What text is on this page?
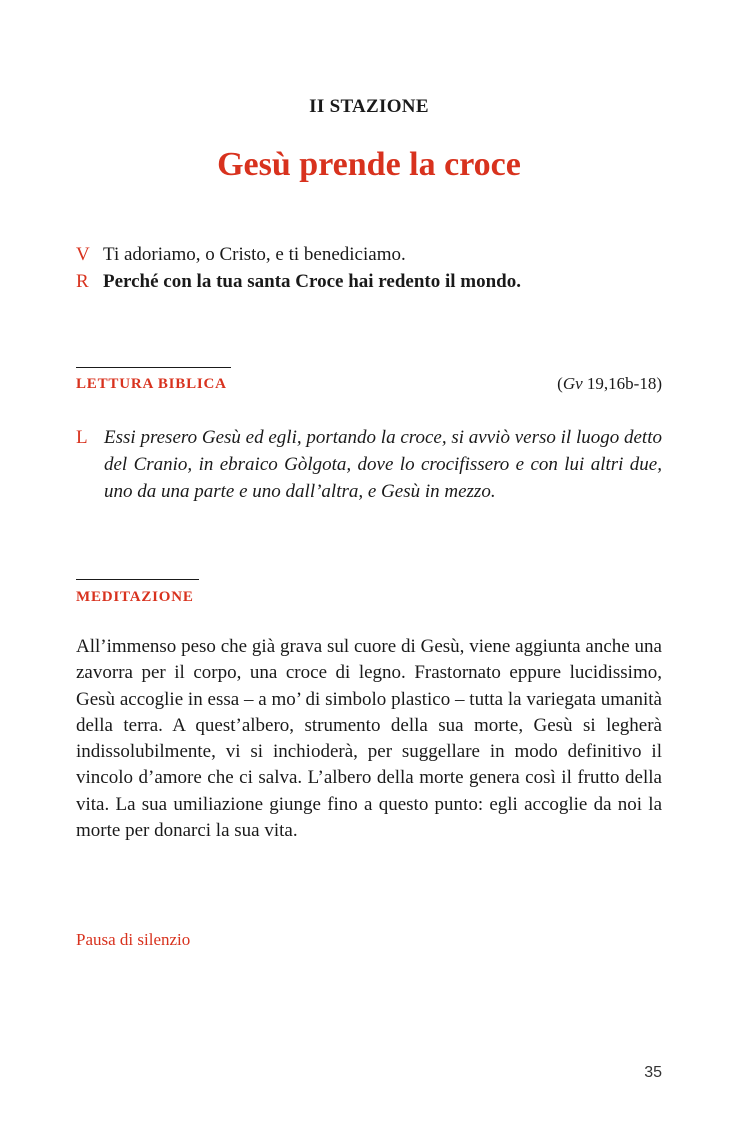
II STAZIONE
Gesù prende la croce
V Ti adoriamo, o Cristo, e ti benediciamo.
R Perché con la tua santa Croce hai redento il mondo.
LETTURA BIBLICA	(Gv 19,16b-18)
L Essi presero Gesù ed egli, portando la croce, si avviò verso il luogo detto del Cranio, in ebraico Gòlgota, dove lo crocifissero e con lui altri due, uno da una parte e uno dall’altra, e Gesù in mezzo.
MEDITAZIONE
All’immenso peso che già grava sul cuore di Gesù, viene aggiunta anche una zavorra per il corpo, una croce di legno. Frastornato eppure lucidissimo, Gesù accoglie in essa – a mo’ di simbolo plastico – tutta la variegata umanità della terra. A quest’albero, strumento della sua morte, Gesù si legherà indissolubilmente, vi si inchioderà, per suggellare in modo definitivo il vincolo d’amore che ci salva. L’albero della morte genera così il frutto della vita. La sua umiliazione giunge fino a questo punto: egli accoglie da noi la morte per donarci la sua vita.
Pausa di silenzio
35
